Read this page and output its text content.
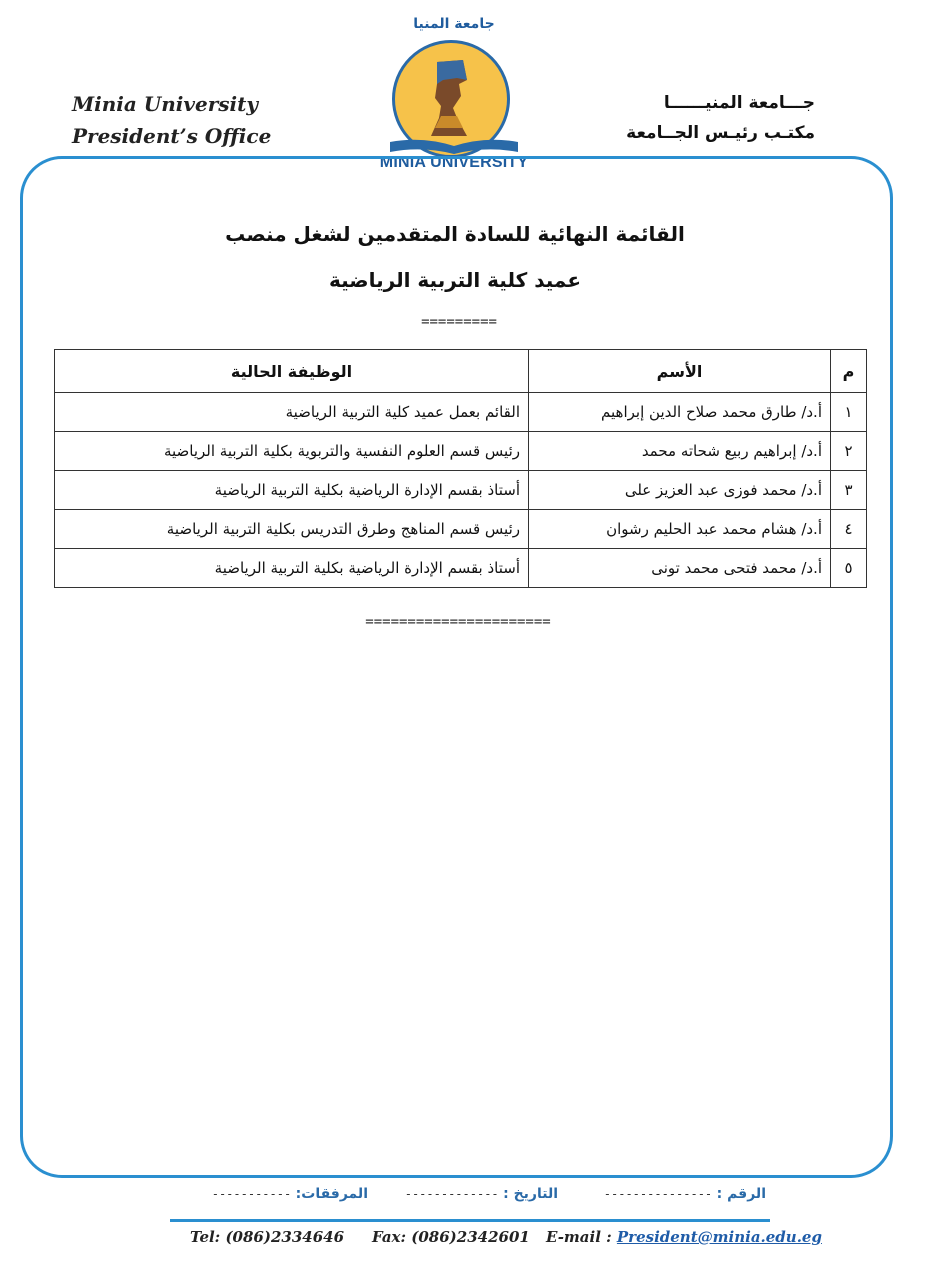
Minia University
President’s Office
جـــامعة المنيــــــا
مكتـب رئيـس الجــامعة
جامعة المنيا
MINIA UNIVERSITY
القائمة النهائية للسادة المتقدمين لشغل منصب
عميد كلية التربية الرياضية
=========
م	الأسم	الوظيفة الحالية
١	أ.د/ طارق محمد صلاح الدين إبراهيم	القائم بعمل عميد كلية التربية الرياضية
٢	أ.د/ إبراهيم ربيع شحاته محمد	رئيس قسم العلوم النفسية والتربوية بكلية التربية الرياضية
٣	أ.د/ محمد فوزى عبد العزيز على	أستاذ بقسم الإدارة الرياضية بكلية التربية الرياضية
٤	أ.د/ هشام محمد عبد الحليم رشوان	رئيس قسم المناهج وطرق التدريس بكلية التربية الرياضية
٥	أ.د/ محمد فتحى محمد تونى	أستاذ بقسم الإدارة الرياضية بكلية التربية الرياضية
======================
الرقم : ---------------
التاريخ : -------------
المرفقات: -----------
Tel: (086)2334646 Fax: (086)2342601 E-mail : President@minia.edu.eg
